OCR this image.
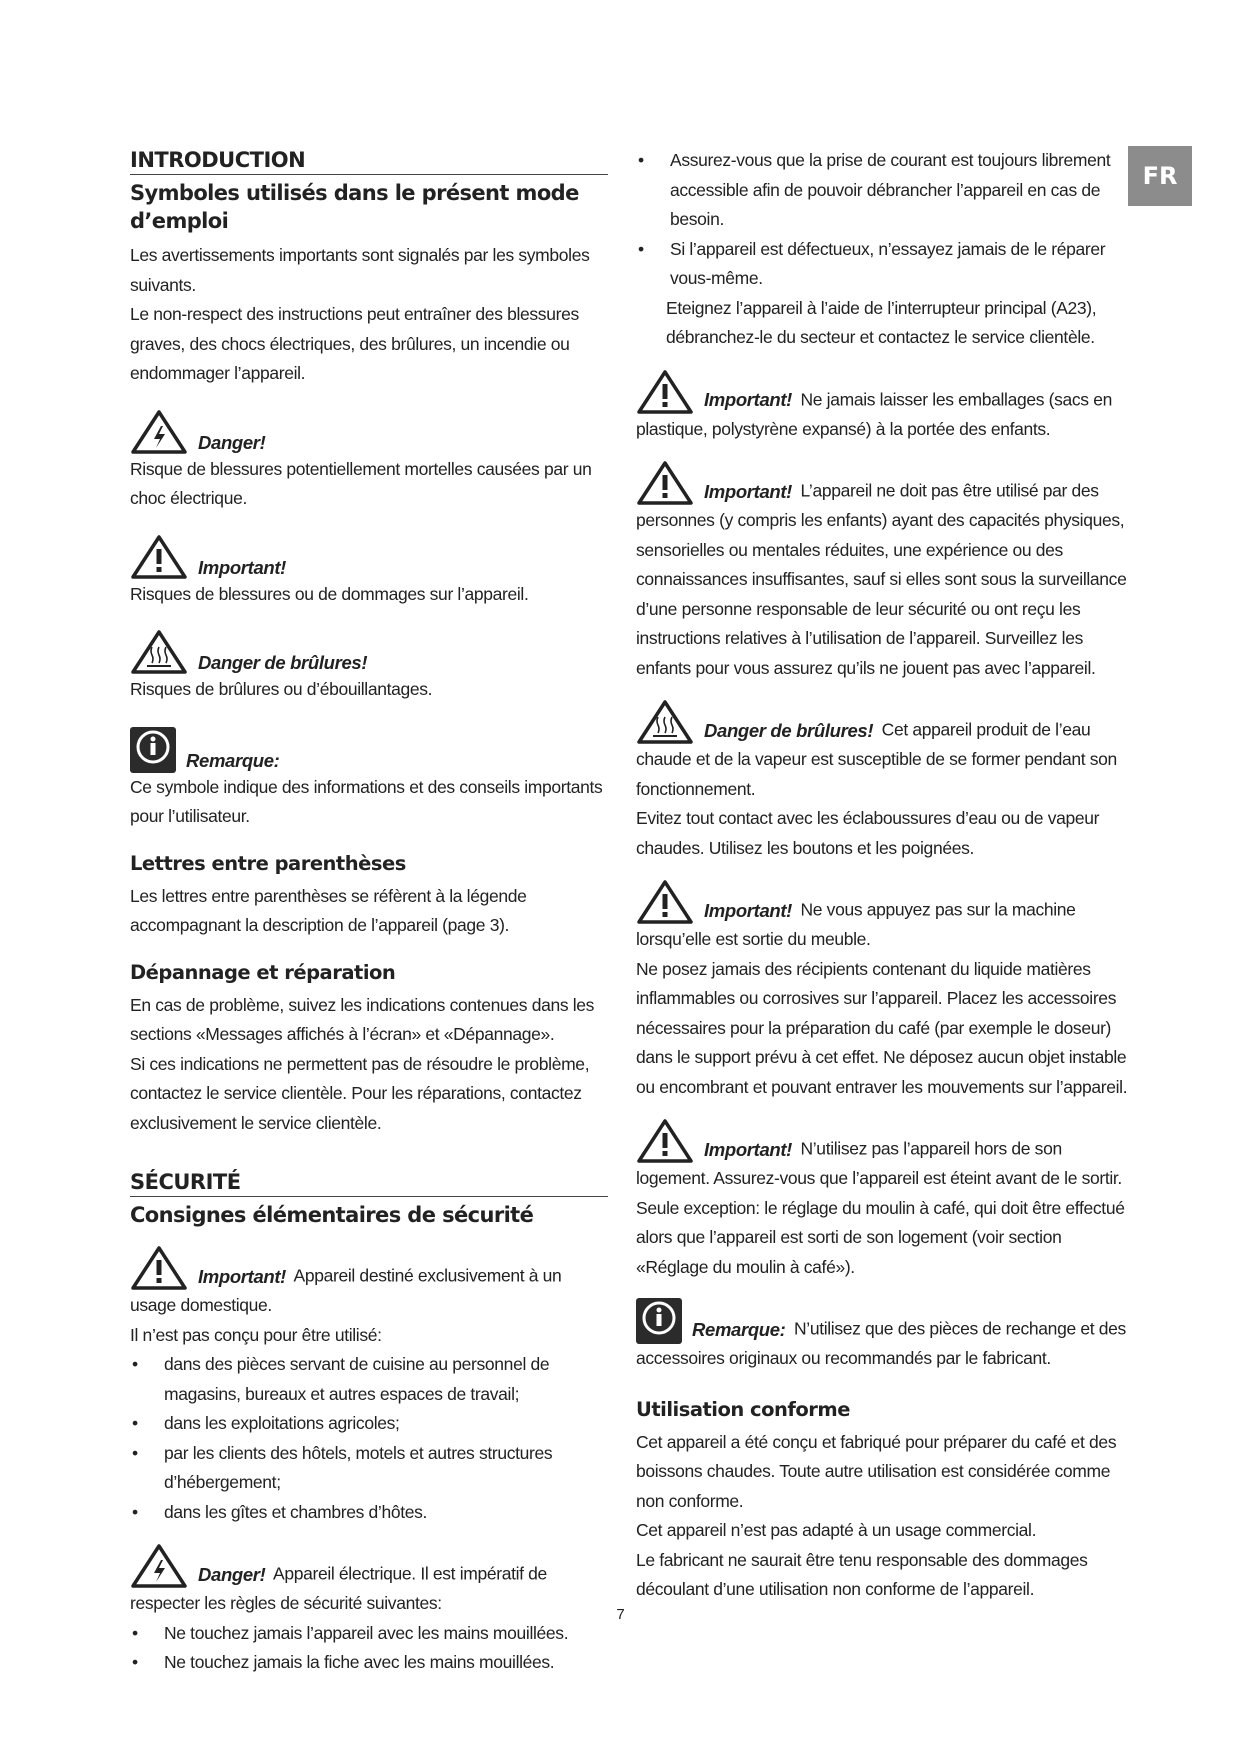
FR
INTRODUCTION
Symboles utilisés dans le présent mode d’emploi

Les avertissements importants sont signalés par les symboles suivants.

Le non-respect des instructions peut entraîner des blessures graves, des chocs électriques, des brûlures, un incendie ou endommager l’appareil.

Danger!

Risque de blessures potentiellement mortelles causées par un choc électrique.

Important!

Risques de blessures ou de dommages sur l’appareil.

Danger de brûlures!

Risques de brûlures ou d’ébouillantages.

Remarque:

Ce symbole indique des informations et des conseils importants pour l’utilisateur.

Lettres entre parenthèses

Les lettres entre parenthèses se réfèrent à la légende accompagnant la description de l’appareil (page 3).

Dépannage et réparation

En cas de problème, suivez les indications contenues dans les sections «Messages affichés à l’écran» et «Dépannage».

Si ces indications ne permettent pas de résoudre le problème, contactez le service clientèle. Pour les réparations, contactez exclusivement le service clientèle.

SÉCURITÉ
Consignes élémentaires de sécurité
Important! Appareil destiné exclusivement à un usage domestique.

Il n’est pas conçu pour être utilisé:

• dans des pièces servant de cuisine au personnel de magasins, bureaux et autres espaces de travail;
• dans les exploitations agricoles;
• par les clients des hôtels, motels et autres structures d’hébergement;
• dans les gîtes et chambres d’hôtes.
Danger! Appareil électrique. Il est impératif de respecter les règles de sécurité suivantes:
• Ne touchez jamais l’appareil avec les mains mouillées.
• Ne touchez jamais la fiche avec les mains mouillées.
• Assurez-vous que la prise de courant est toujours librement accessible afin de pouvoir débrancher l’appareil en cas de besoin.
• Si l’appareil est défectueux, n’essayez jamais de le réparer vous-même.

Eteignez l’appareil à l’aide de l’interrupteur principal (A23), débranchez-le du secteur et contactez le service clientèle.

Important! Ne jamais laisser les emballages (sacs en plastique, polystyrène expansé) à la portée des enfants.
Important! L’appareil ne doit pas être utilisé par des personnes (y compris les enfants) ayant des capacités physiques, sensorielles ou mentales réduites, une expérience ou des connaissances insuffisantes, sauf si elles sont sous la surveillance d’une personne responsable de leur sécurité ou ont reçu les instructions relatives à l’utilisation de l’appareil. Surveillez les enfants pour vous assurez qu’ils ne jouent pas avec l’appareil.
Danger de brûlures! Cet appareil produit de l’eau chaude et de la vapeur est susceptible de se former pendant son fonctionnement.

Evitez tout contact avec les éclaboussures d’eau ou de vapeur chaudes. Utilisez les boutons et les poignées.

Important! Ne vous appuyez pas sur la machine lorsqu’elle est sortie du meuble.

Ne posez jamais des récipients contenant du liquide matières inflammables ou corrosives sur l’appareil. Placez les accessoires nécessaires pour la préparation du café (par exemple le doseur) dans le support prévu à cet effet. Ne déposez aucun objet instable ou encombrant et pouvant entraver les mouvements sur l’appareil.

Important! N’utilisez pas l’appareil hors de son logement. Assurez-vous que l’appareil est éteint avant de le sortir. Seule exception: le réglage du moulin à café, qui doit être effectué alors que l’appareil est sorti de son logement (voir section «Réglage du moulin à café»).
Remarque: N’utilisez que des pièces de rechange et des accessoires originaux ou recommandés par le fabricant.
Utilisation conforme

Cet appareil a été conçu et fabriqué pour préparer du café et des boissons chaudes. Toute autre utilisation est considérée comme non conforme.

Cet appareil n’est pas adapté à un usage commercial.

Le fabricant ne saurait être tenu responsable des dommages découlant d’une utilisation non conforme de l’appareil.

7
